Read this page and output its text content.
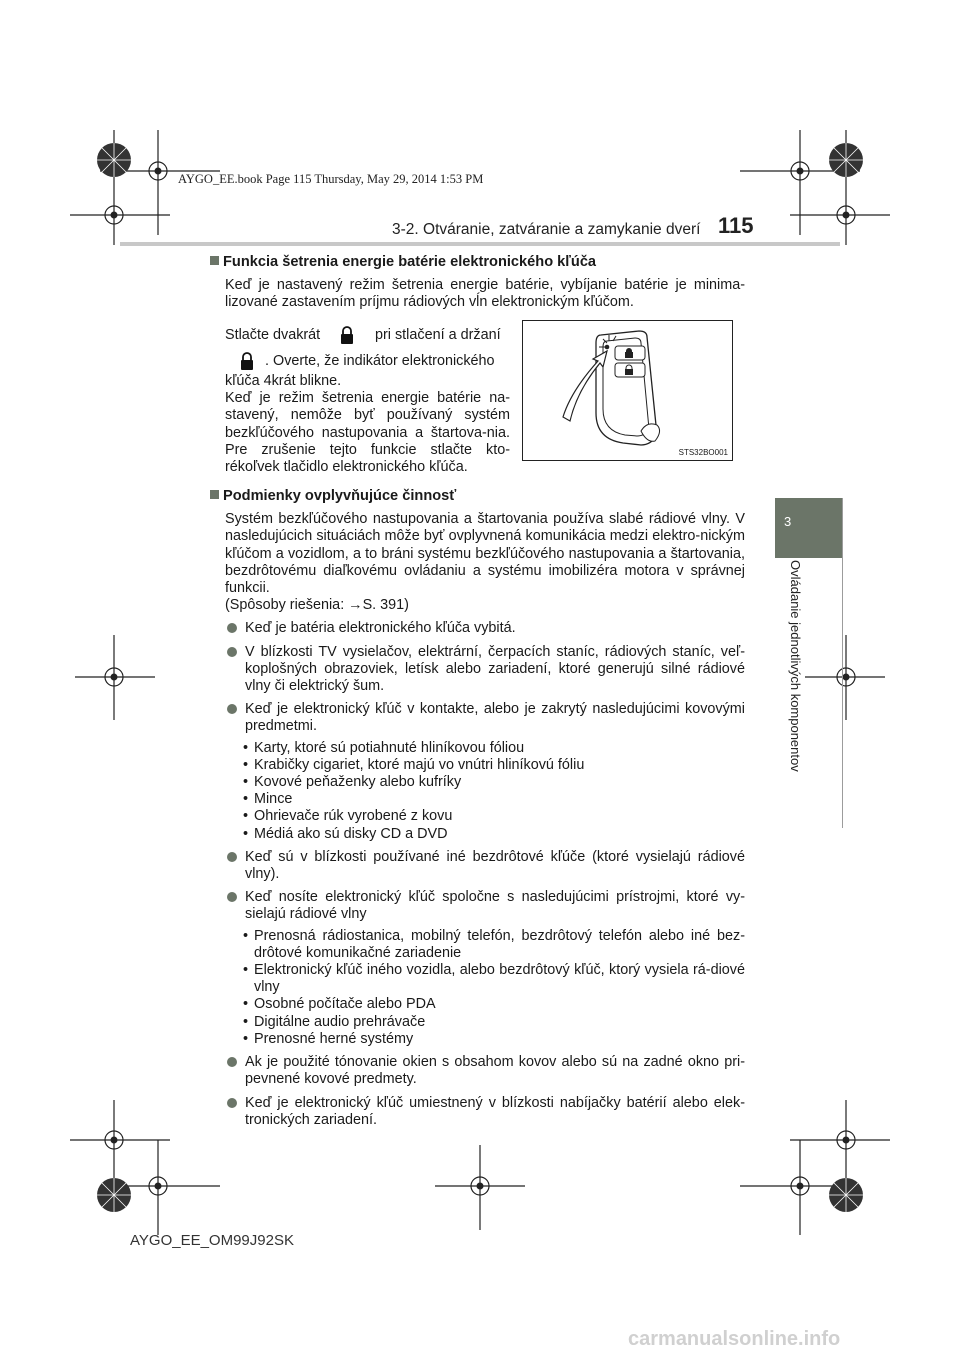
AYGO_EE.book Page 115 Thursday, May 29, 2014 1:53 PM
3-2. Otváranie, zatváranie a zamykanie dverí 115
3
Ovládanie jednotlivých komponentov
Funkcia šetrenia energie batérie elektronického kľúča
Keď je nastavený režim šetrenia energie batérie, vybíjanie batérie je minima-lizované zastavením príjmu rádiových vĺn elektronickým kľúčom.
Stlačte dvakrát	pri stlačení a držaní
. Overte, že indikátor elektronického
kľúča 4krát blikne.
Keď je režim šetrenia energie batérie na-stavený, nemôže byť používaný systém bezkľúčového nastupovania a štartova-nia. Pre zrušenie tejto funkcie stlačte kto-rékoľvek tlačidlo elektronického kľúča.
STS32BO001
Podmienky ovplyvňujúce činnosť
Systém bezkľúčového nastupovania a štartovania používa slabé rádiové vlny. V nasledujúcich situáciách môže byť ovplyvnená komunikácia medzi elektro-nickým kľúčom a vozidlom, a to bráni systému bezkľúčového nastupovania a štartovania, bezdrôtovému diaľkovému ovládaniu a systému imobilizéra motora v správnej funkcii.
(Spôsoby riešenia: →S. 391)
Keď je batéria elektronického kľúča vybitá.
V blízkosti TV vysielačov, elektrární, čerpacích staníc, rádiových staníc, veľ-koplošných obrazoviek, letísk alebo zariadení, ktoré generujú silné rádiové vlny či elektrický šum.
Keď je elektronický kľúč v kontakte, alebo je zakrytý nasledujúcimi kovovými predmetmi.
• Karty, ktoré sú potiahnuté hliníkovou fóliou
• Krabičky cigariet, ktoré majú vo vnútri hliníkovú fóliu
• Kovové peňaženky alebo kufríky
• Mince
• Ohrievače rúk vyrobené z kovu
• Médiá ako sú disky CD a DVD
Keď sú v blízkosti používané iné bezdrôtové kľúče (ktoré vysielajú rádiové vlny).
Keď nosíte elektronický kľúč spoločne s nasledujúcimi prístrojmi, ktoré vy-sielajú rádiové vlny
• Prenosná rádiostanica, mobilný telefón, bezdrôtový telefón alebo iné bez-drôtové komunikačné zariadenie
• Elektronický kľúč iného vozidla, alebo bezdrôtový kľúč, ktorý vysiela rá-diové vlny
• Osobné počítače alebo PDA
• Digitálne audio prehrávače
• Prenosné herné systémy
Ak je použité tónovanie okien s obsahom kovov alebo sú na zadné okno pri-pevnené kovové predmety.
Keď je elektronický kľúč umiestnený v blízkosti nabíjačky batérií alebo elek-tronických zariadení.
AYGO_EE_OM99J92SK
carmanualsonline.info
